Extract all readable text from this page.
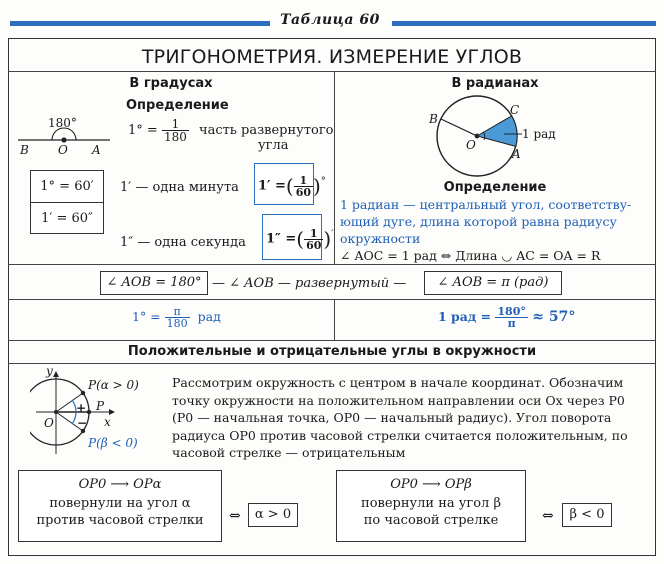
Таблица 60
ТРИГОНОМЕТРИЯ. ИЗМЕРЕНИЕ УГЛОВ
В градусах	В радианах
Определение
180°
B O A
$1^\circ = \frac{1}{180}$ часть развернутого
угла
1° = 60′
1′ = 60″
1′ — одна минута 1′ =( $\frac{1}{60} )^\circ$
1″ — одна секунда 1″ =( $\frac{1}{60} )'$
B
C
O
A
1 рад
Определение
1 радиан — центральный угол, соответству-
ющий дуге, длина которой равна радиусу
окружности
∠ AOC = 1 рад ⇔ Длина ◡ AC = OA = R
∠ AOB = 180° — ∠ AOB — развернутый —	∠ AOB = π (рад)
$1^\circ = \frac{\pi}{180}$ рад	1 рад = $\frac{180^\circ}{\pi} \approx 57^\circ$
Положительные и отрицательные углы в окружности
y
x
O
P(α > 0)
P
P(β < 0)
+
−
Рассмотрим окружность с центром в начале координат. Обозначим
точку окружности на положительном направлении оси Ox через P0
(P0 — начальная точка, OP0 — начальный радиус). Угол поворота
радиуса OP0 против часовой стрелки считается положительным, по
часовой стрелке — отрицательным
OP0 ⟶ OPα
повернули на угол α
против часовой стрелки	⇔	α > 0
OP0 ⟶ OPβ
повернули на угол β
по часовой стрелке	⇔	β < 0
